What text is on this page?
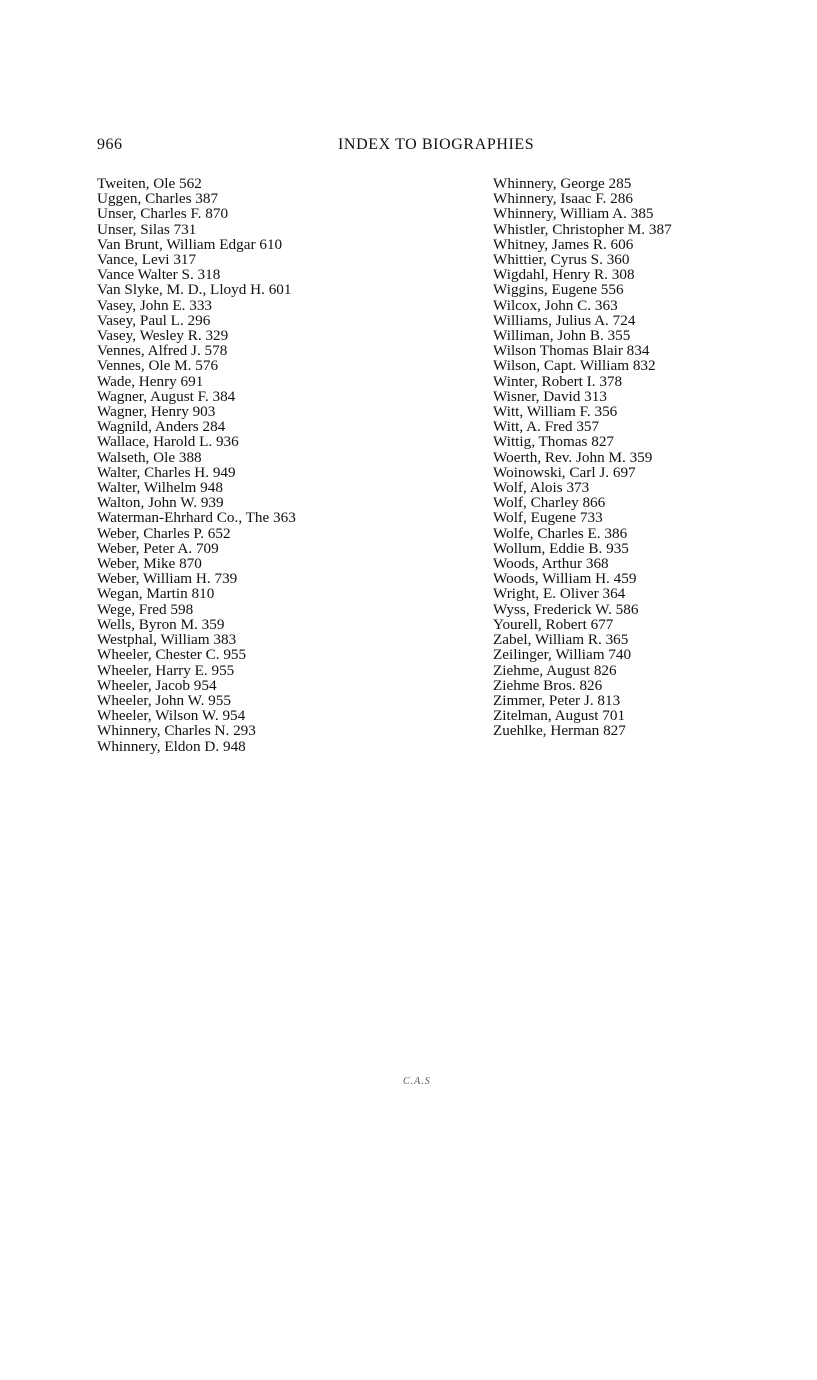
966	INDEX TO BIOGRAPHIES
Tweiten, Ole 562
Uggen, Charles 387
Unser, Charles F. 870
Unser, Silas 731
Van Brunt, William Edgar 610
Vance, Levi 317
Vance Walter S. 318
Van Slyke, M. D., Lloyd H. 601
Vasey, John E. 333
Vasey, Paul L. 296
Vasey, Wesley R. 329
Vennes, Alfred J. 578
Vennes, Ole M. 576
Wade, Henry 691
Wagner, August F. 384
Wagner, Henry 903
Wagnild, Anders 284
Wallace, Harold L. 936
Walseth, Ole 388
Walter, Charles H. 949
Walter, Wilhelm 948
Walton, John W. 939
Waterman-Ehrhard Co., The 363
Weber, Charles P. 652
Weber, Peter A. 709
Weber, Mike 870
Weber, William H. 739
Wegan, Martin 810
Wege, Fred 598
Wells, Byron M. 359
Westphal, William 383
Wheeler, Chester C. 955
Wheeler, Harry E. 955
Wheeler, Jacob 954
Wheeler, John W. 955
Wheeler, Wilson W. 954
Whinnery, Charles N. 293
Whinnery, Eldon D. 948
Whinnery, George 285
Whinnery, Isaac F. 286
Whinnery, William A. 385
Whistler, Christopher M. 387
Whitney, James R. 606
Whittier, Cyrus S. 360
Wigdahl, Henry R. 308
Wiggins, Eugene 556
Wilcox, John C. 363
Williams, Julius A. 724
Williman, John B. 355
Wilson Thomas Blair 834
Wilson, Capt. William 832
Winter, Robert I. 378
Wisner, David 313
Witt, William F. 356
Witt, A. Fred 357
Wittig, Thomas 827
Woerth, Rev. John M. 359
Woinowski, Carl J. 697
Wolf, Alois 373
Wolf, Charley 866
Wolf, Eugene 733
Wolfe, Charles E. 386
Wollum, Eddie B. 935
Woods, Arthur 368
Woods, William H. 459
Wright, E. Oliver 364
Wyss, Frederick W. 586
Yourell, Robert 677
Zabel, William R. 365
Zeilinger, William 740
Ziehme, August 826
Ziehme Bros. 826
Zimmer, Peter J. 813
Zitelman, August 701
Zuehlke, Herman 827
C.A.S
